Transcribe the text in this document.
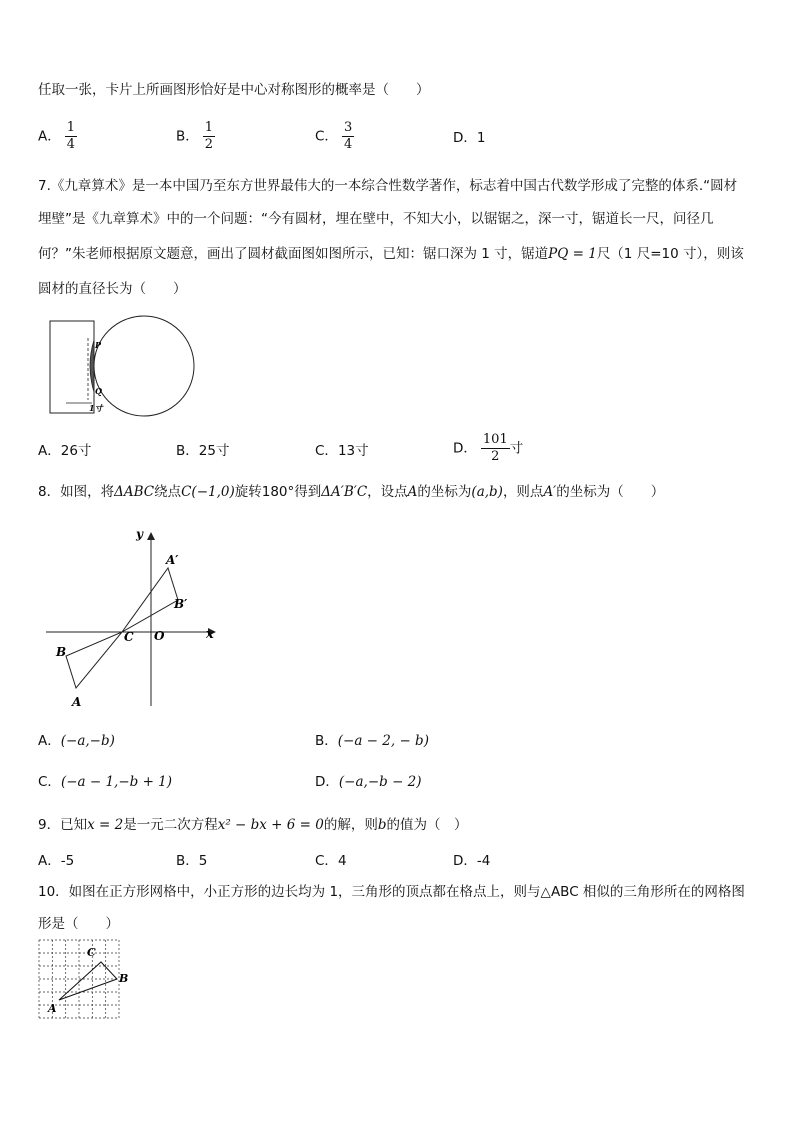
任取一张，卡片上所画图形恰好是中心对称图形的概率是（　　）
A． $\frac{1}{4}$	B． $\frac{1}{2}$	C． $\frac{3}{4}$	D．1
7.《九章算术》是一本中国乃至东方世界最伟大的一本综合性数学著作，标志着中国古代数学形成了完整的体系.“圆材
埋壁”是《九章算术》中的一个问题：“今有圆材，埋在壁中，不知大小，以锯锯之，深一寸，锯道长一尺，问径几
何？”朱老师根据原文题意，画出了圆材截面图如图所示，已知：锯口深为 1 寸，锯道PQ = 1尺（1 尺=10 寸），则该
圆材的直径长为（　　）
P
Q
1寸
A．26寸	B．25寸	C．13寸	D． $\frac{101}{2}$ 寸
8．如图，将ΔABC绕点C(−1,0)旋转180°得到ΔA′B′C，设点A的坐标为(a,b)，则点A′的坐标为（　　）
y
x
O
C
A
B
A′
B′
A．(−a,−b)	B．(−a − 2, − b)
C．(−a − 1,−b + 1)	D．(−a,−b − 2)
9．已知x = 2是一元二次方程x² − bx + 6 = 0的解，则b的值为（　）
A．-5	B．5	C．4	D．-4
10．如图在正方形网格中，小正方形的边长均为 1，三角形的顶点都在格点上，则与△ABC 相似的三角形所在的网格图
形是（　　）
A
B
C
